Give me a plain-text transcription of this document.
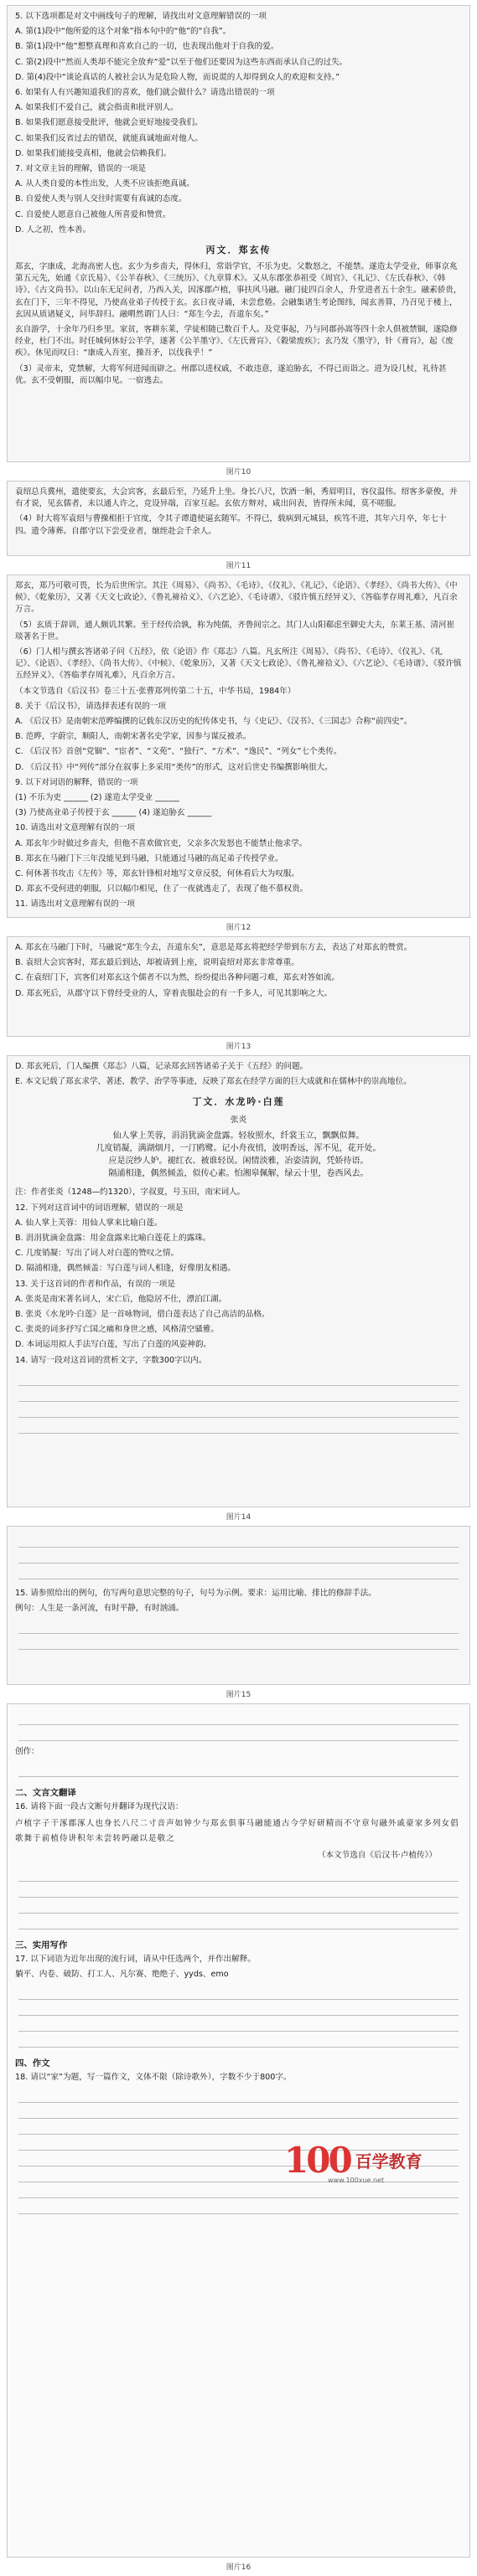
5. 以下选项都是对文中画线句子的理解，请找出对文意理解错误的一项

A. 第(1)段中“他所爱的这个对象”指本句中的“他”的“自我”。

B. 第(1)段中“他”想整真理和喜欢自己的一切，也表现出他对于自我的爱。

C. 第(2)段中“然而人类却不能完全放弃“爱”以至于他们还要因为这些东西而承认自己的过失。

D. 第(4)段中“谈论真话的人被社会认为是危险人物，而说谎的人却得到众人的欢迎和支持。”

6. 如果有人有兴趣知道我们的喜欢，他们就会做什么？请选出错误的一项

A. 如果我们不爱自己，就会指责和批评别人。

B. 如果我们愿意接受批评，他就会更好地接受我们。

C. 如果我们反省过去的错误，就能真诚地面对他人。

D. 如果我们能接受真相，他就会信赖我们。

7. 对文章主旨的理解，错误的一项是

A. 从人类自爱的本性出发，人类不应该拒绝真诚。

B. 自爱使人类与别人交往时需要有真诚的态度。

C. 自爱使人愿意自己被他人所喜爱和赞赏。

D. 人之初，性本善。

丙文．郑玄传

郑玄，字康成，北海高密人也。玄少为乡啬夫，得休归，常诣学官，不乐为吏。父数怒之，不能禁。遂造太学受业，师事京兆第五元先，始通《京氏易》、《公羊春秋》、《三统历》、《九章算术》。又从东郡张恭祖受《周官》、《礼记》、《左氏春秋》、《韩诗》、《古文尚书》。以山东无足问者，乃西入关，因涿郡卢植，事扶风马融。融门徒四百余人，升堂进者五十余生。融素骄贵，玄在门下，三年不得见，乃使高业弟子传授于玄。玄日夜寻诵，未尝怠倦。会融集诸生考论图纬，闻玄善算，乃召见于楼上，玄因从质诸疑义，问毕辞归。融喟然谓门人曰：“郑生今去，吾道东矣。”

玄自游学，十余年乃归乡里。家贫，客耕东莱，学徒相随已数百千人。及党事起，乃与同郡孙嵩等四十余人俱被禁锢，遂隐修经业，杜门不出。时任城何休好公羊学，遂著《公羊墨守》、《左氏膏肓》、《穀梁废疾》；玄乃发《墨守》，针《膏肓》，起《废疾》。休见而叹曰：“康成入吾室，操吾矛，以伐我乎！”

（3）灵帝末，党禁解，大将军何进闻而辟之。州郡以进权戚，不敢违意，遂迫胁玄，不得已而诣之。进为设几杖，礼待甚优。玄不受朝服，而以幅巾见。一宿逃去。

图片10

袁绍总兵冀州，遣使要玄，大会宾客，玄最后至，乃延升上坐。身长八尺，饮酒一斛，秀眉明目，容仪温伟。绍客多豪俊，并有才说，见玄儒者，未以通人许之，竞设异端，百家互起。玄依方辩对，咸出问表，皆得所未闻，莫不嗟服。

（4）时大将军袁绍与曹操相拒于官度，令其子谭遣使逼玄随军。不得已，载病到元城县，疾笃不进，其年六月卒，年七十四。遗令薄葬。自郡守以下尝受业者，缞绖赴会千余人。

图片11

郑玄，郑乃可敬可畏，长为后世所宗。其注《周易》、《尚书》、《毛诗》、《仪礼》、《礼记》、《论语》、《孝经》、《尚书大传》、《中候》、《乾象历》，又著《天文七政论》、《鲁礼禘祫义》、《六艺论》、《毛诗谱》、《驳许慎五经异义》、《答临孝存周礼难》，凡百余万言。

（5）玄质于辞训，通人颇讥其繁。至于经传洽孰，称为纯儒，齐鲁间宗之。其门人山阳郗虑至御史大夫，东莱王基、清河崔琰著名于世。

（6）门人相与撰玄答诸弟子问《五经》，依《论语》作《郑志》八篇。凡玄所注《周易》、《尚书》、《毛诗》、《仪礼》、《礼记》、《论语》、《孝经》、《尚书大传》、《中候》、《乾象历》，又著《天文七政论》、《鲁礼禘祫义》、《六艺论》、《毛诗谱》、《驳许慎五经异义》、《答临孝存周礼难》，凡百余万言。

（本文节选自《后汉书》卷三十五·张曹郑列传第二十五，中华书局，1984年）

8. 关于《后汉书》，请选择表述有误的一项

A. 《后汉书》是南朝宋范晔编撰的记载东汉历史的纪传体史书，与《史记》、《汉书》、《三国志》合称“前四史”。

B. 范晔，字蔚宗，顺阳人，南朝宋著名史学家，因参与谋反被杀。

C. 《后汉书》首创“党锢”、“宦者”、“文苑”、“独行”、“方术”、“逸民”、“列女”七个类传。

D. 《后汉书》中“列传”部分在叙事上多采用“类传”的形式，这对后世史书编撰影响很大。

9. 以下对词语的解释，错误的一项

(1) 不乐为吏 ______ (2) 遂造太学受业 ______

(3) 乃使高业弟子传授于玄 ______ (4) 遂迫胁玄 ______

10. 请选出对文意理解有误的一项

A. 郑玄年少时做过乡啬夫，但他不喜欢做官吏，父亲多次发怒也不能禁止他求学。

B. 郑玄在马融门下三年没能见到马融，只能通过马融的高足弟子传授学业。

C. 何休著书攻击《左传》等，郑玄针锋相对地写文章反驳，何休看后大为叹服。

D. 郑玄不受何进的朝服，只以幅巾相见，住了一夜就逃走了，表现了他不慕权贵。

11. 请选出对文意理解有误的一项

图片12

A. 郑玄在马融门下时，马融说“郑生今去，吾道东矣”，意思是郑玄将把经学带到东方去，表达了对郑玄的赞赏。

B. 袁绍大会宾客时，郑玄最后到达，却被请到上座，说明袁绍对郑玄非常尊重。

C. 在袁绍门下，宾客们对郑玄这个儒者不以为然，纷纷提出各种问题刁难，郑玄对答如流。

D. 郑玄死后，从郡守以下曾经受业的人，穿着丧服赴会的有一千多人，可见其影响之大。

图片13

D. 郑玄死后，门人编撰《郑志》八篇，记录郑玄回答诸弟子关于《五经》的问题。

E. 本文记载了郑玄求学、著述、教学、治学等事迹，反映了郑玄在经学方面的巨大成就和在儒林中的崇高地位。

丁文．水龙吟·白莲
张炎
仙人掌上芙蓉，涓涓犹滴金盘露。轻妆照水，纤裳玉立，飘飘似舞。
几度销凝，满湖烟月，一汀鸥鹭。记小舟夜悄，波明香远，浑不见，花开处。
应是浣纱人妒。褪红衣、被谁轻误。闲情淡雅，冶姿清润，凭娇待语。
隔浦相逢，偶然倾盖，似传心素。怕湘皋佩解，绿云十里，卷西风去。

注：作者张炎（1248—约1320），字叔夏，号玉田，南宋词人。

12. 下列对这首词中的词语理解，错误的一项是

A. 仙人掌上芙蓉：用仙人掌来比喻白莲。

B. 涓涓犹滴金盘露：用金盘露来比喻白莲花上的露珠。

C. 几度销凝：写出了词人对白莲的赞叹之情。

D. 隔浦相逢，偶然倾盖：写白莲与词人相逢，好像朋友相遇。

13. 关于这首词的作者和作品，有误的一项是

A. 张炎是南宋著名词人，宋亡后，他隐居不仕，漂泊江湖。

B. 张炎《水龙吟·白莲》是一首咏物词，借白莲表达了自己高洁的品格。

C. 张炎的词多抒写亡国之痛和身世之感，风格清空骚雅。

D. 本词运用拟人手法写白莲，写出了白莲的风姿神韵。

14. 请写一段对这首词的赏析文字，字数300字以内。

图片14

15. 请参照给出的例句，仿写两句意思完整的句子，句号为示例。要求：运用比喻、排比的修辞手法。

例句：人生是一条河流，有时平静，有时汹涌。

图片15

创作：

二、文言文翻译

16. 请将下面一段古文断句并翻译为现代汉语：

卢植字子干涿郡涿人也身长八尺二寸音声如钟少与郑玄俱事马融能通古今学好研精而不守章句融外戚豪家多列女倡歌舞于前植侍讲积年未尝转眄融以是敬之

（本文节选自《后汉书·卢植传》）

三、实用写作

17. 以下词语为近年出现的流行词，请从中任选两个，并作出解释。

躺平、内卷、破防、打工人、凡尔赛、绝绝子、yyds、emo

四、作文

18. 请以“家”为题，写一篇作文，文体不限（除诗歌外），字数不少于800字。

100 百学教育
www.100xue.net
图片16
